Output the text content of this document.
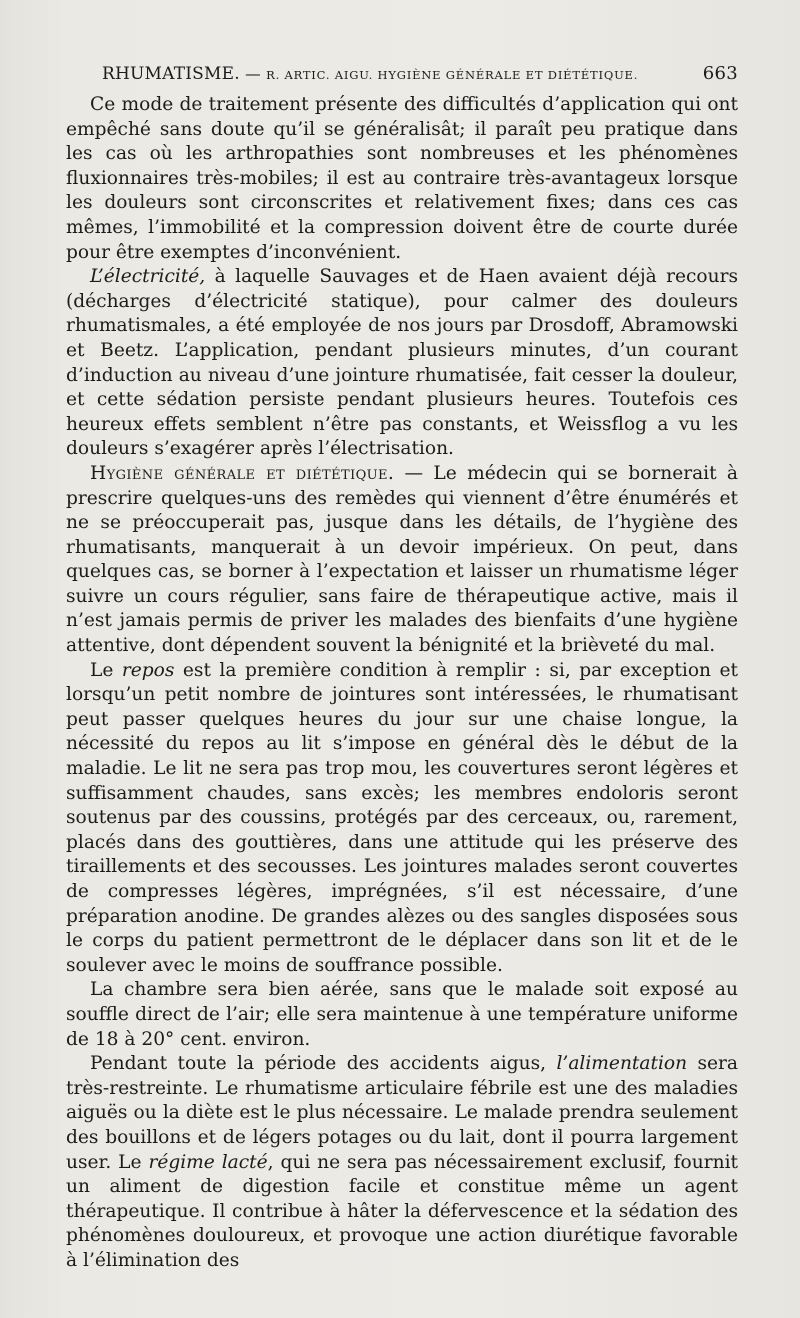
RHUMATISME. — R. ARTIC. AIGU. HYGIÈNE GÉNÉRALE ET DIÉTÉTIQUE.	663

Ce mode de traitement présente des difficultés d’application qui ont empêché sans doute qu’il se généralisât; il paraît peu pratique dans les cas où les arthropathies sont nombreuses et les phénomènes fluxionnaires très-mobiles; il est au contraire très-avantageux lorsque les douleurs sont circonscrites et relativement fixes; dans ces cas mêmes, l’immobilité et la compression doivent être de courte durée pour être exemptes d’inconvénient.

L’électricité, à laquelle Sauvages et de Haen avaient déjà recours (décharges d’électricité statique), pour calmer des douleurs rhumatismales, a été employée de nos jours par Drosdoff, Abramowski et Beetz. L’application, pendant plusieurs minutes, d’un courant d’induction au niveau d’une jointure rhumatisée, fait cesser la douleur, et cette sédation persiste pendant plusieurs heures. Toutefois ces heureux effets semblent n’être pas constants, et Weissflog a vu les douleurs s’exagérer après l’électrisation.

Hygiène générale et diététique. — Le médecin qui se bornerait à prescrire quelques-uns des remèdes qui viennent d’être énumérés et ne se préoccuperait pas, jusque dans les détails, de l’hygiène des rhumatisants, manquerait à un devoir impérieux. On peut, dans quelques cas, se borner à l’expectation et laisser un rhumatisme léger suivre un cours régulier, sans faire de thérapeutique active, mais il n’est jamais permis de priver les malades des bienfaits d’une hygiène attentive, dont dépendent souvent la bénignité et la brièveté du mal.

Le repos est la première condition à remplir : si, par exception et lorsqu’un petit nombre de jointures sont intéressées, le rhumatisant peut passer quelques heures du jour sur une chaise longue, la nécessité du repos au lit s’impose en général dès le début de la maladie. Le lit ne sera pas trop mou, les couvertures seront légères et suffisamment chaudes, sans excès; les membres endoloris seront soutenus par des coussins, protégés par des cerceaux, ou, rarement, placés dans des gouttières, dans une attitude qui les préserve des tiraillements et des secousses. Les jointures malades seront couvertes de compresses légères, imprégnées, s’il est nécessaire, d’une préparation anodine. De grandes alèzes ou des sangles disposées sous le corps du patient permettront de le déplacer dans son lit et de le soulever avec le moins de souffrance possible.

La chambre sera bien aérée, sans que le malade soit exposé au souffle direct de l’air; elle sera maintenue à une température uniforme de 18 à 20° cent. environ.

Pendant toute la période des accidents aigus, l’alimentation sera très-restreinte. Le rhumatisme articulaire fébrile est une des maladies aiguës ou la diète est le plus nécessaire. Le malade prendra seulement des bouillons et de légers potages ou du lait, dont il pourra largement user. Le régime lacté, qui ne sera pas nécessairement exclusif, fournit un aliment de digestion facile et constitue même un agent thérapeutique. Il contribue à hâter la défervescence et la sédation des phénomènes douloureux, et provoque une action diurétique favorable à l’élimination des
